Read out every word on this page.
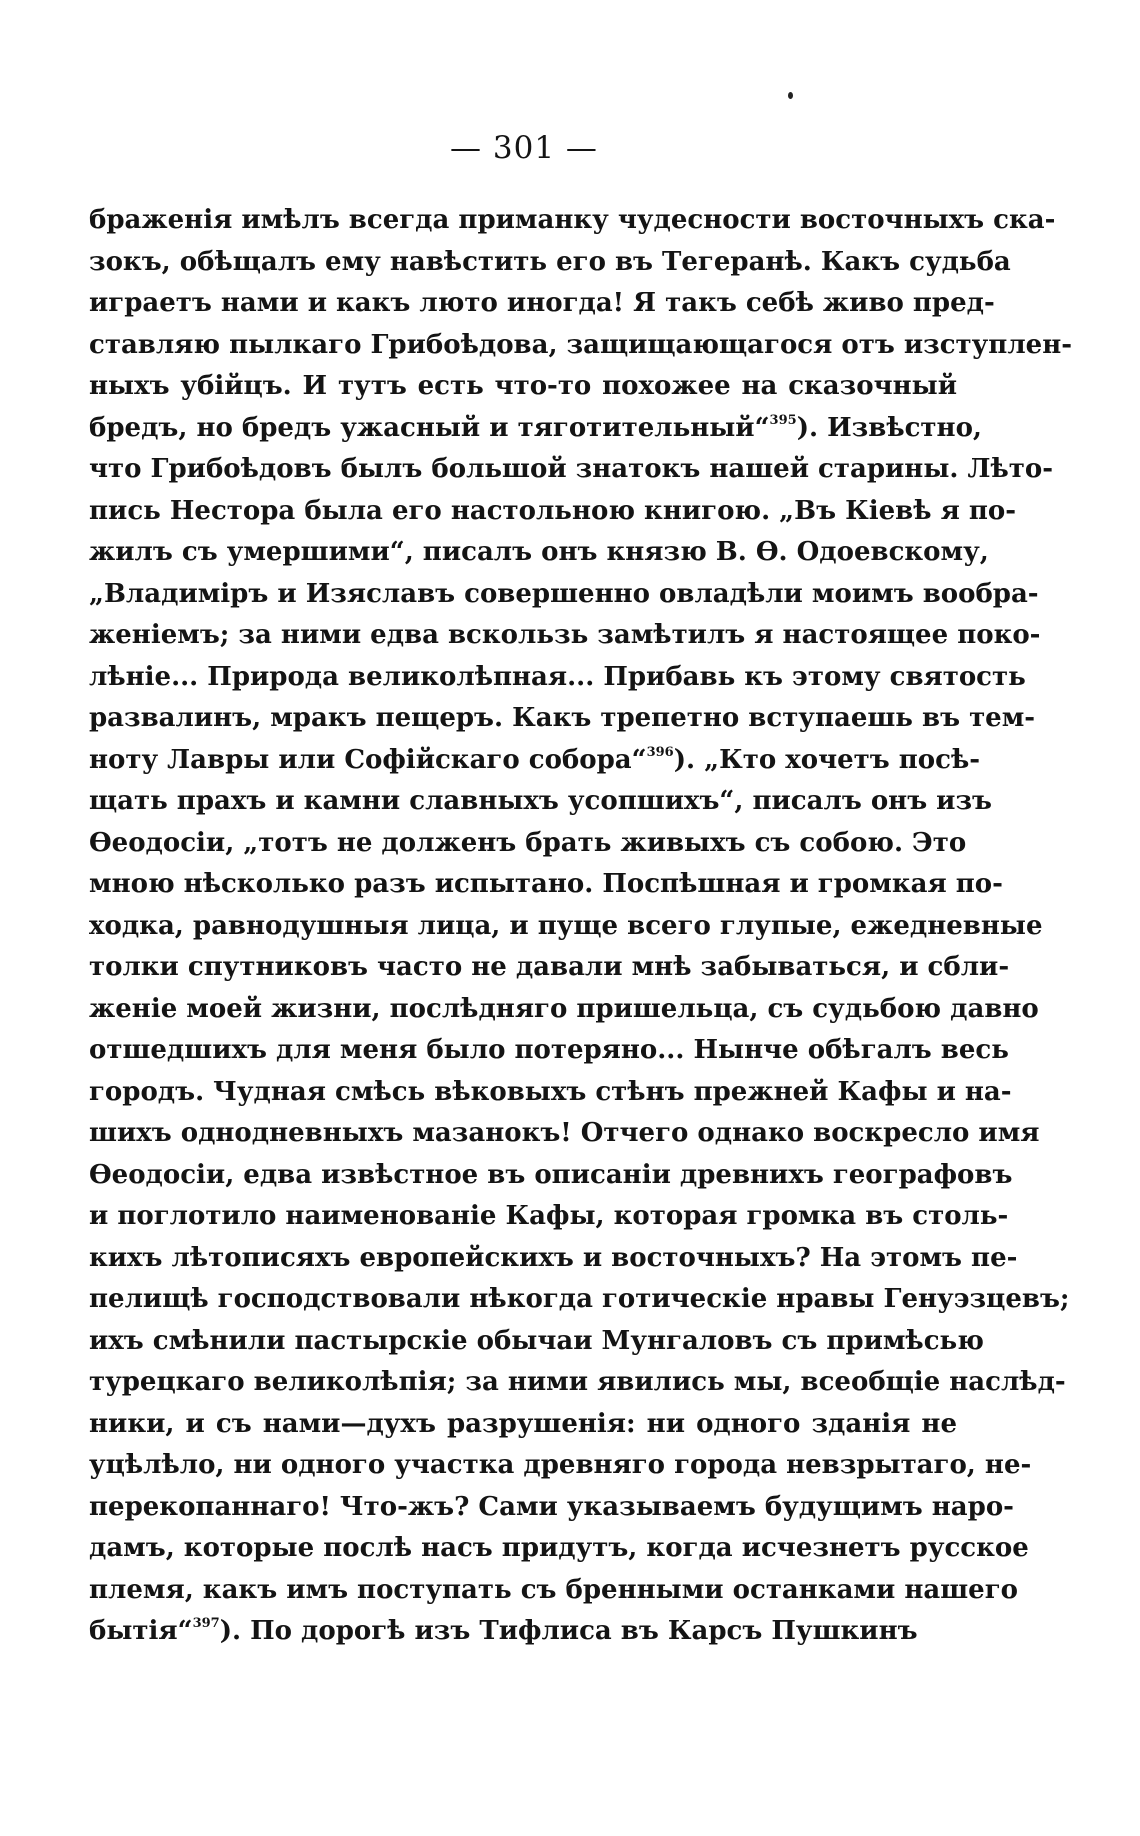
— 301 —
браженія имѣлъ всегда приманку чудесности восточныхъ ска-
зокъ, обѣщалъ ему навѣстить его въ Тегеранѣ. Какъ судьба
играетъ нами и какъ люто иногда! Я такъ себѣ живо пред-
ставляю пылкаго Грибоѣдова, защищающагося отъ изступлен-
ныхъ убійцъ. И тутъ есть что-то похожее на сказочный
бредъ, но бредъ ужасный и тяготительный“$^{395}$). Извѣстно,
что Грибоѣдовъ былъ большой знатокъ нашей старины. Лѣто-
пись Нестора была его настольною книгою. „Въ Кіевѣ я по-
жилъ съ умершими“, писалъ онъ князю В. Ѳ. Одоевскому,
„Владиміръ и Изяславъ совершенно овладѣли моимъ вообра-
женіемъ; за ними едва вскользь замѣтилъ я настоящее поко-
лѣніе... Природа великолѣпная... Прибавь къ этому святость
развалинъ, мракъ пещеръ. Какъ трепетно вступаешь въ тем-
ноту Лавры или Софійскаго собора“$^{396}$). „Кто хочетъ посѣ-
щать прахъ и камни славныхъ усопшихъ“, писалъ онъ изъ
Ѳеодосіи, „тотъ не долженъ брать живыхъ съ собою. Это
мною нѣсколько разъ испытано. Поспѣшная и громкая по-
ходка, равнодушныя лица, и пуще всего глупые, ежедневные
толки спутниковъ часто не давали мнѣ забываться, и сбли-
женіе моей жизни, послѣдняго пришельца, съ судьбою давно
отшедшихъ для меня было потеряно... Нынче обѣгалъ весь
городъ. Чудная смѣсь вѣковыхъ стѣнъ прежней Кафы и на-
шихъ однодневныхъ мазанокъ! Отчего однако воскресло имя
Ѳеодосіи, едва извѣстное въ описаніи древнихъ географовъ
и поглотило наименованіе Кафы, которая громка въ столь-
кихъ лѣтописяхъ европейскихъ и восточныхъ? На этомъ пе-
пелищѣ господствовали нѣкогда готическіе нравы Генуэзцевъ;
ихъ смѣнили пастырскіе обычаи Мунгаловъ съ примѣсью
турецкаго великолѣпія; за ними явились мы, всеобщіе наслѣд-
ники, и съ нами—духъ разрушенія: ни одного зданія не
уцѣлѣло, ни одного участка древняго города невзрытаго, не-
перекопаннаго! Что-жъ? Сами указываемъ будущимъ наро-
дамъ, которые послѣ насъ придутъ, когда исчезнетъ русское
племя, какъ имъ поступать съ бренными останками нашего
бытія“$^{397}$). По дорогѣ изъ Тифлиса въ Карсъ Пушкинъ
